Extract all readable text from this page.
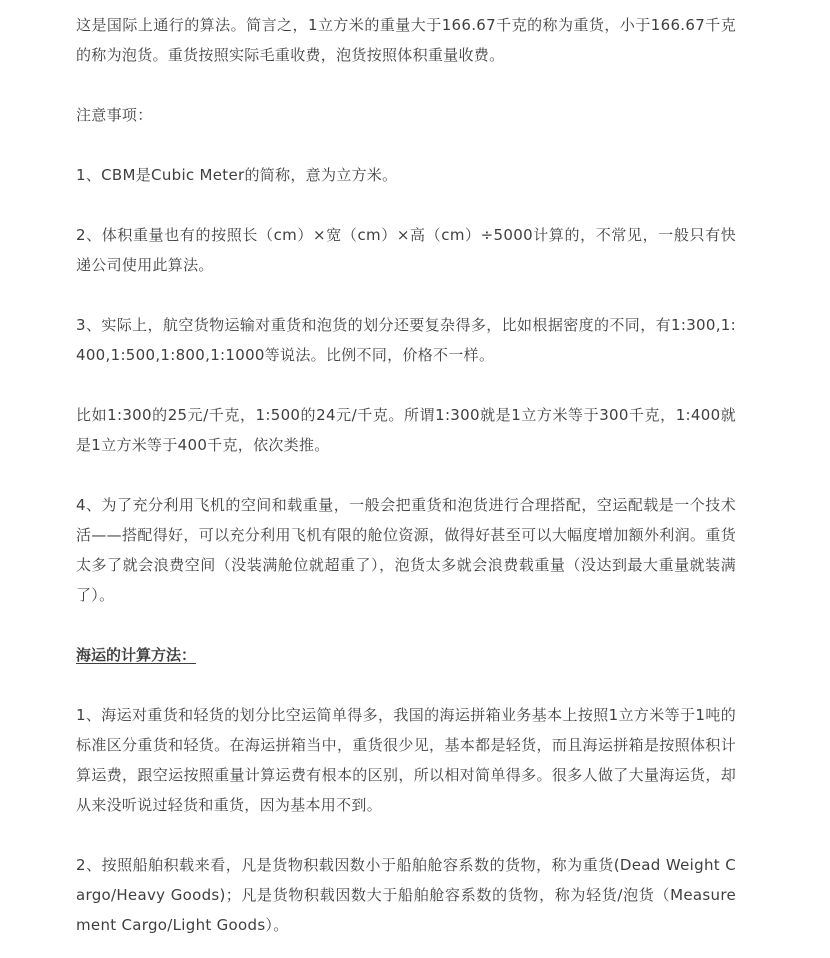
这是国际上通行的算法。简言之，1立方米的重量大于166.67千克的称为重货，小于166.67千克的称为泡货。重货按照实际毛重收费，泡货按照体积重量收费。

注意事项：

1、CBM是Cubic Meter的简称，意为立方米。

2、体积重量也有的按照长（cm）×宽（cm）×高（cm）÷5000计算的，不常见，一般只有快递公司使用此算法。

3、实际上，航空货物运输对重货和泡货的划分还要复杂得多，比如根据密度的不同，有1:300,1:400,1:500,1:800,1:1000等说法。比例不同，价格不一样。

比如1:300的25元/千克，1:500的24元/千克。所谓1:300就是1立方米等于300千克，1:400就是1立方米等于400千克，依次类推。

4、为了充分利用飞机的空间和载重量，一般会把重货和泡货进行合理搭配，空运配载是一个技术活——搭配得好，可以充分利用飞机有限的舱位资源，做得好甚至可以大幅度增加额外利润。重货太多了就会浪费空间（没装满舱位就超重了），泡货太多就会浪费载重量（没达到最大重量就装满了）。

海运的计算方法：

1、海运对重货和轻货的划分比空运简单得多，我国的海运拼箱业务基本上按照1立方米等于1吨的标准区分重货和轻货。在海运拼箱当中，重货很少见，基本都是轻货，而且海运拼箱是按照体积计算运费，跟空运按照重量计算运费有根本的区别，所以相对简单得多。很多人做了大量海运货，却从来没听说过轻货和重货，因为基本用不到。

2、按照船舶积载来看，凡是货物积载因数小于船舶舱容系数的货物，称为重货(Dead Weight Cargo/Heavy Goods)；凡是货物积载因数大于船舶舱容系数的货物，称为轻货/泡货（Measurement Cargo/Light Goods）。
